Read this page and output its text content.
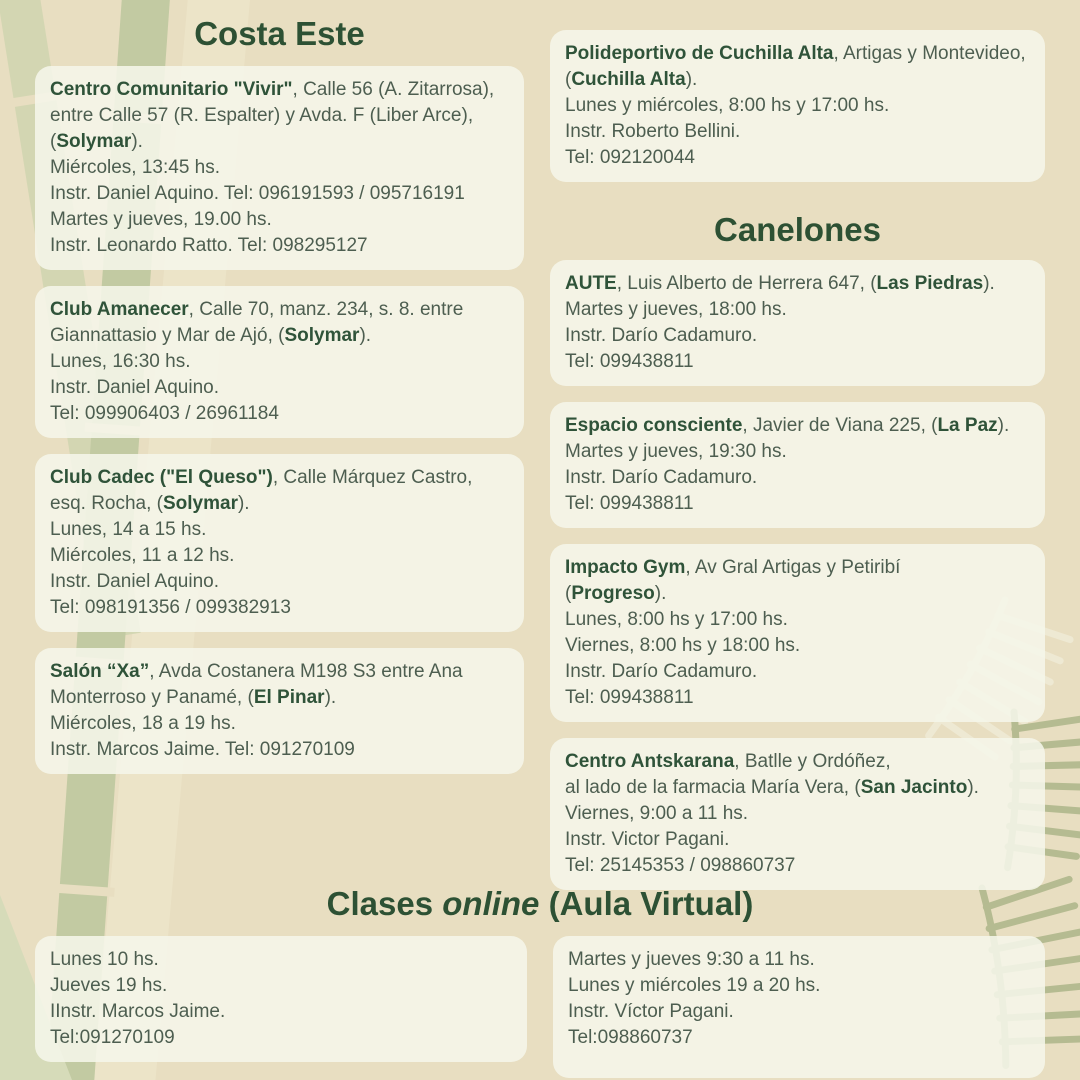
Costa Este
Centro Comunitario "Vivir", Calle 56 (A. Zitarrosa), entre Calle 57 (R. Espalter) y Avda. F (Liber Arce), (Solymar).
Miércoles, 13:45 hs.
Instr. Daniel Aquino. Tel: 096191593 / 095716191
Martes y jueves, 19.00 hs.
Instr. Leonardo Ratto. Tel: 098295127
Club Amanecer, Calle 70, manz. 234, s. 8. entre Giannattasio y Mar de Ajó, (Solymar).
Lunes, 16:30 hs.
Instr. Daniel Aquino.
Tel: 099906403 / 26961184
Club Cadec ("El Queso"), Calle Márquez Castro, esq. Rocha, (Solymar).
Lunes, 14 a 15 hs.
Miércoles, 11 a 12 hs.
Instr. Daniel Aquino.
Tel: 098191356 / 099382913
Salón “Xa”, Avda Costanera M198 S3 entre Ana Monterroso y Panamé, (El Pinar).
Miércoles, 18 a 19 hs.
Instr. Marcos Jaime. Tel: 091270109
Polideportivo de Cuchilla Alta, Artigas y Montevideo, (Cuchilla Alta).
Lunes y miércoles, 8:00 hs y 17:00 hs.
Instr. Roberto Bellini.
Tel: 092120044
Canelones
AUTE, Luis Alberto de Herrera 647, (Las Piedras).
Martes y jueves, 18:00 hs.
Instr. Darío Cadamuro.
Tel: 099438811
Espacio consciente, Javier de Viana 225, (La Paz).
Martes y jueves, 19:30 hs.
Instr. Darío Cadamuro.
Tel: 099438811
Impacto Gym, Av Gral Artigas y Petiribí
(Progreso).
Lunes, 8:00 hs y 17:00 hs.
Viernes, 8:00 hs y 18:00 hs.
Instr. Darío Cadamuro.
Tel: 099438811
Centro Antskarana, Batlle y Ordóñez,
al lado de la farmacia María Vera, (San Jacinto).
Viernes, 9:00 a 11 hs.
Instr. Victor Pagani.
Tel: 25145353 / 098860737
Clases online (Aula Virtual)
Lunes 10 hs.
Jueves 19 hs.
IInstr. Marcos Jaime.
Tel:091270109
Martes y jueves 9:30 a 11 hs.
Lunes y miércoles 19 a 20 hs.
Instr. Víctor Pagani.
Tel:098860737
